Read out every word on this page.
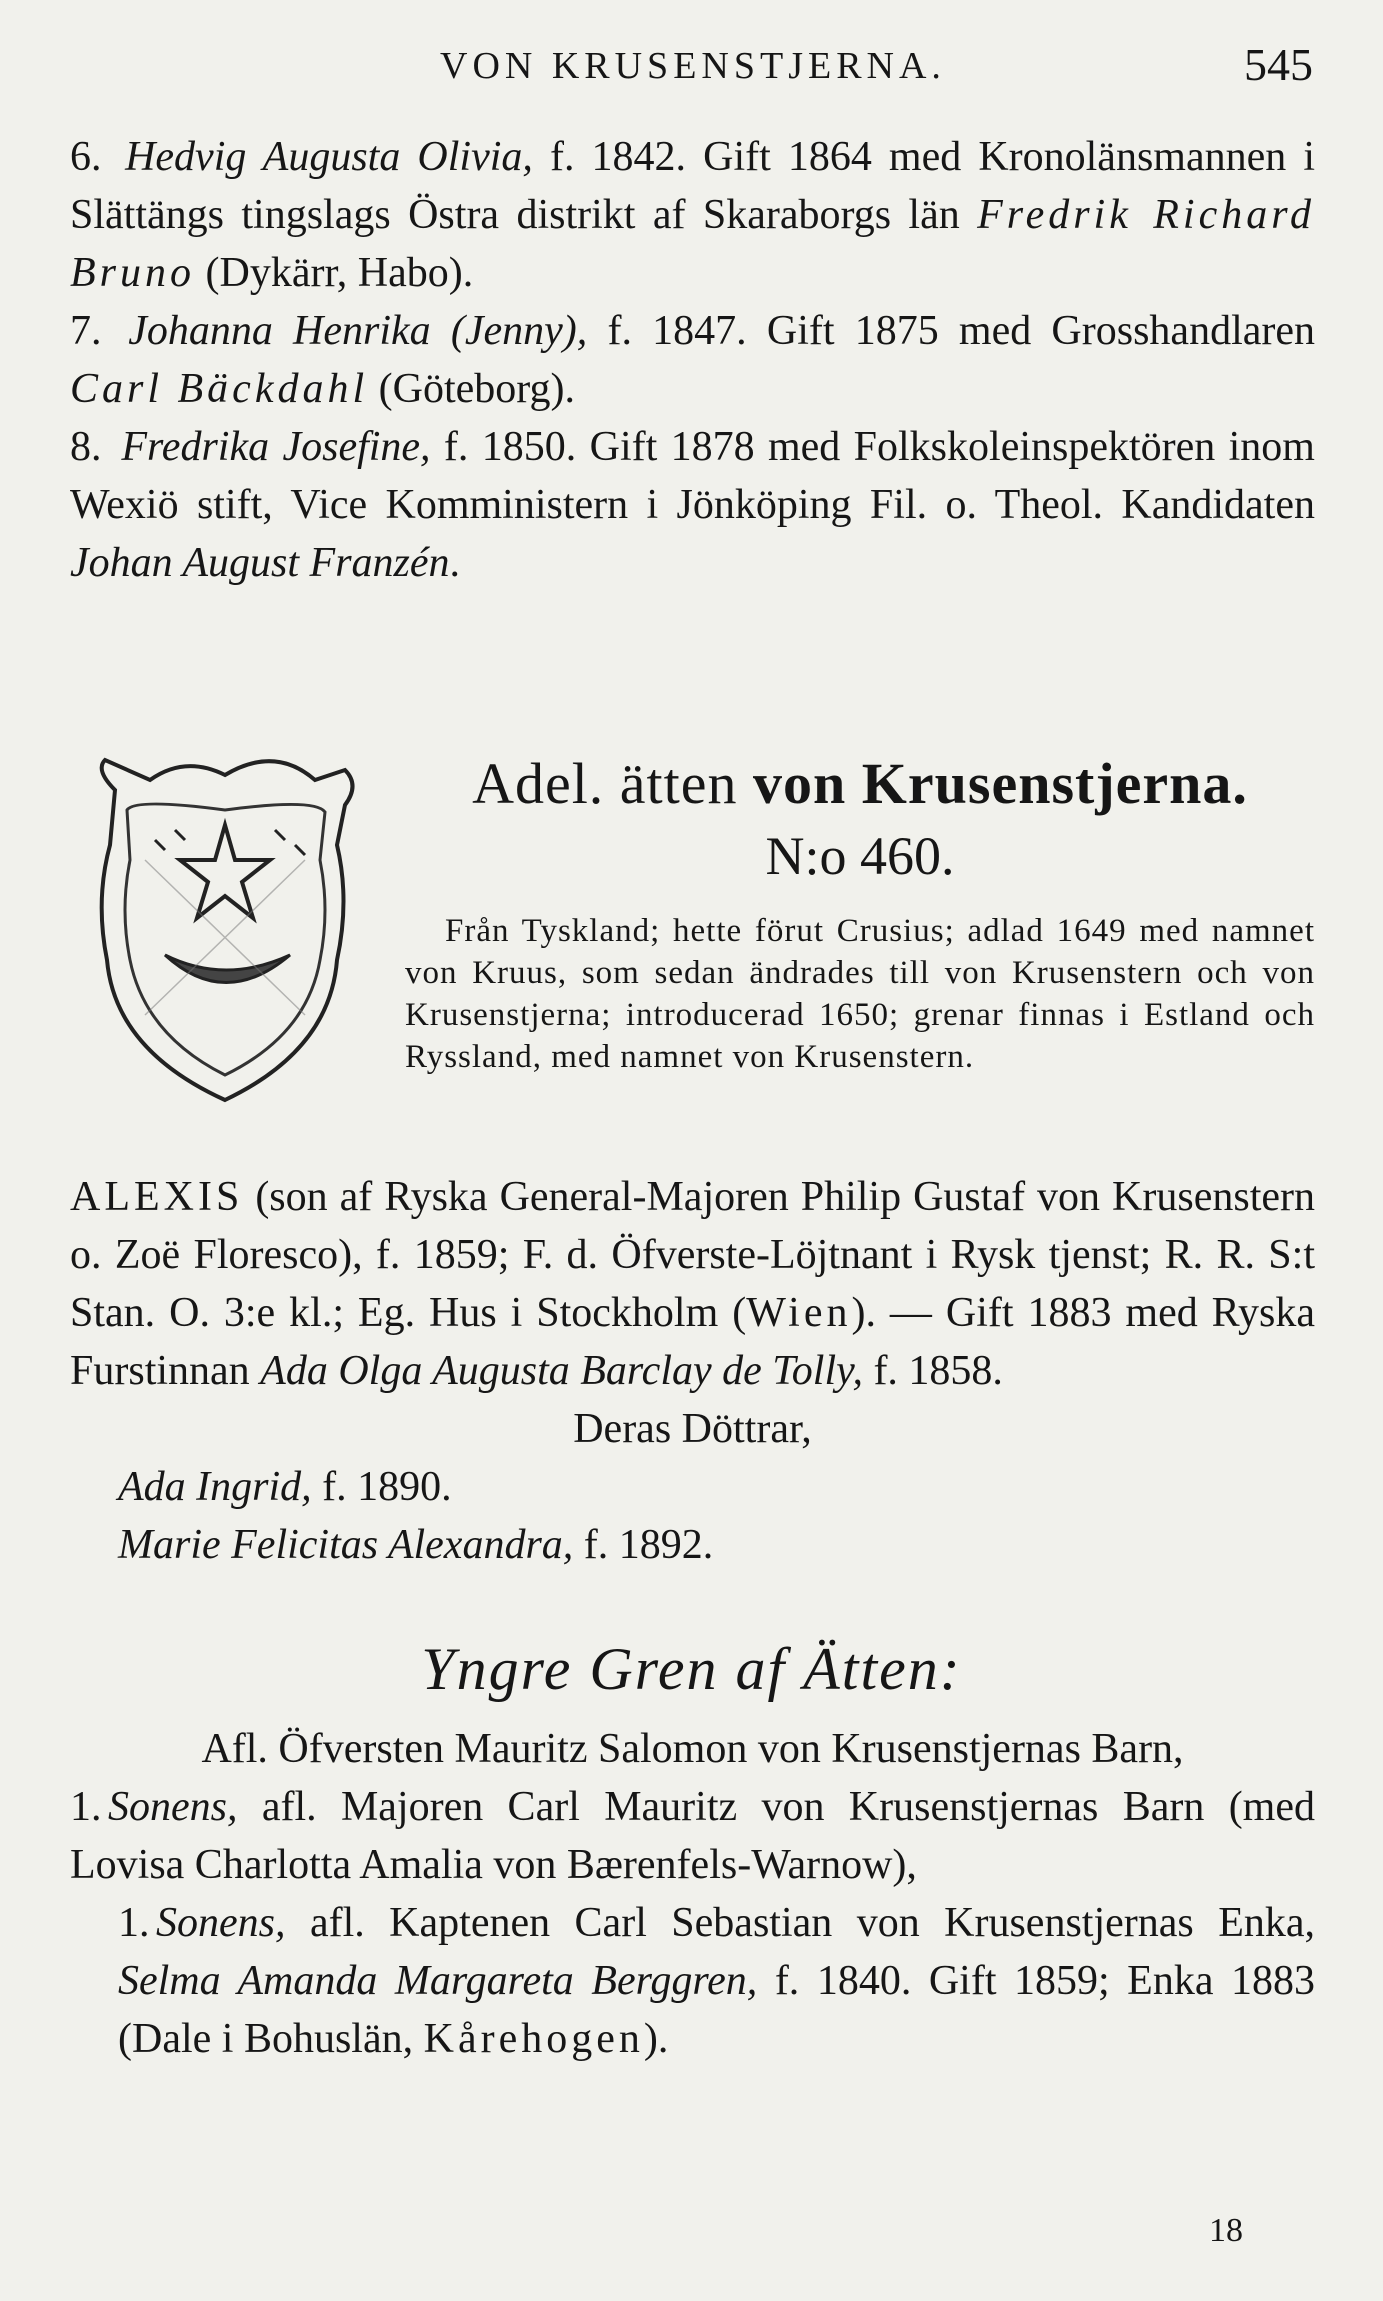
VON KRUSENSTJERNA.	545
6. Hedvig Augusta Olivia, f. 1842. Gift 1864 med Kronolänsmannen i Slättängs tingslags Östra distrikt af Skaraborgs län Fredrik Richard Bruno (Dykärr, Habo).
7. Johanna Henrika (Jenny), f. 1847. Gift 1875 med Grosshandlaren Carl Bäckdahl (Göteborg).
8. Fredrika Josefine, f. 1850. Gift 1878 med Folkskoleinspektören inom Wexiö stift, Vice Komministern i Jönköping Fil. o. Theol. Kandidaten Johan August Franzén.
Adel. ätten von Krusenstjerna.
N:o 460.
Från Tyskland; hette förut Crusius; adlad 1649 med namnet von Kruus, som sedan ändrades till von Krusenstern och von Krusenstjerna; introducerad 1650; grenar finnas i Estland och Ryssland, med namnet von Krusenstern.
ALEXIS (son af Ryska General-Majoren Philip Gustaf von Krusenstern o. Zoë Floresco), f. 1859; F. d. Öfverste-Löjtnant i Rysk tjenst; R. R. S:t Stan. O. 3:e kl.; Eg. Hus i Stockholm (Wien). — Gift 1883 med Ryska Furstinnan Ada Olga Augusta Barclay de Tolly, f. 1858.
Deras Döttrar,
Ada Ingrid, f. 1890.
Marie Felicitas Alexandra, f. 1892.
Yngre Gren af Ätten:
Afl. Öfversten Mauritz Salomon von Krusenstjernas Barn,
1. Sonens, afl. Majoren Carl Mauritz von Krusenstjernas Barn (med Lovisa Charlotta Amalia von Bærenfels-Warnow),
1. Sonens, afl. Kaptenen Carl Sebastian von Krusenstjernas Enka, Selma Amanda Margareta Berggren, f. 1840. Gift 1859; Enka 1883 (Dale i Bohuslän, Kårehogen).
18
